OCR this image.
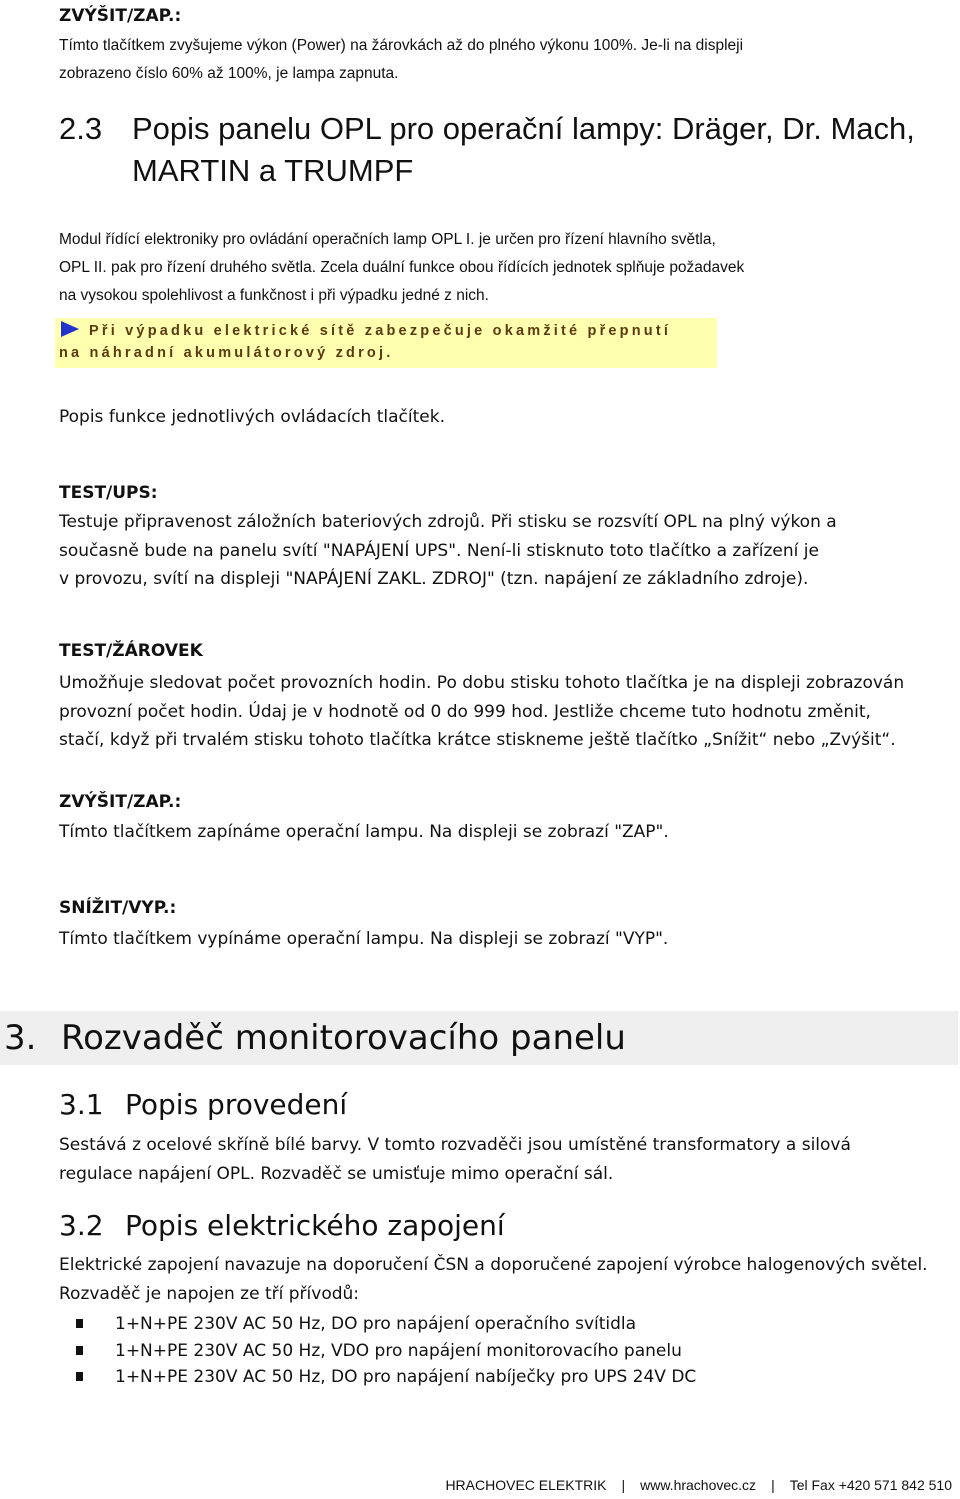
ZVÝŠIT/ZAP.:
Tímto tlačítkem zvyšujeme výkon (Power) na žárovkách až do plného výkonu 100%. Je-li na displeji
zobrazeno číslo 60% až 100%, je lampa zapnuta.
2.3 Popis panelu OPL pro operační lampy: Dräger, Dr. Mach,
MARTIN a TRUMPF
Modul řídící elektroniky pro ovládání operačních lamp OPL I. je určen pro řízení hlavního světla,
OPL II. pak pro řízení druhého světla. Zcela duální funkce obou řídících jednotek splňuje požadavek
na vysokou spolehlivost a funkčnost i při výpadku jedné z nich.
Při výpadku elektrické sítě zabezpečuje okamžité přepnutí
na náhradní akumulátorový zdroj.
Popis funkce jednotlivých ovládacích tlačítek.
TEST/UPS:
Testuje připravenost záložních bateriových zdrojů. Při stisku se rozsvítí OPL na plný výkon a
současně bude na panelu svítí "NAPÁJENÍ UPS". Není-li stisknuto toto tlačítko a zařízení je
v provozu, svítí na displeji "NAPÁJENÍ ZAKL. ZDROJ" (tzn. napájení ze základního zdroje).
TEST/ŽÁROVEK
Umožňuje sledovat počet provozních hodin. Po dobu stisku tohoto tlačítka je na displeji zobrazován
provozní počet hodin. Údaj je v hodnotě od 0 do 999 hod. Jestliže chceme tuto hodnotu změnit,
stačí, když při trvalém stisku tohoto tlačítka krátce stiskneme ještě tlačítko „Snížit“ nebo „Zvýšit“.
ZVÝŠIT/ZAP.:
Tímto tlačítkem zapínáme operační lampu. Na displeji se zobrazí "ZAP".
SNÍŽIT/VYP.:
Tímto tlačítkem vypínáme operační lampu. Na displeji se zobrazí "VYP".
3. Rozvaděč monitorovacího panelu
3.1 Popis provedení
Sestává z ocelové skříně bílé barvy. V tomto rozvaděči jsou umístěné transformatory a silová
regulace napájení OPL. Rozvaděč se umisťuje mimo operační sál.
3.2 Popis elektrického zapojení
Elektrické zapojení navazuje na doporučení ČSN a doporučené zapojení výrobce halogenových světel.
Rozvaděč je napojen ze tří přívodů:
1+N+PE 230V AC 50 Hz, DO pro napájení operačního svítidla
1+N+PE 230V AC 50 Hz, VDO pro napájení monitorovacího panelu
1+N+PE 230V AC 50 Hz, DO pro napájení nabíječky pro UPS 24V DC
HRACHOVEC ELEKTRIK | www.hrachovec.cz | Tel Fax +420 571 842 510
